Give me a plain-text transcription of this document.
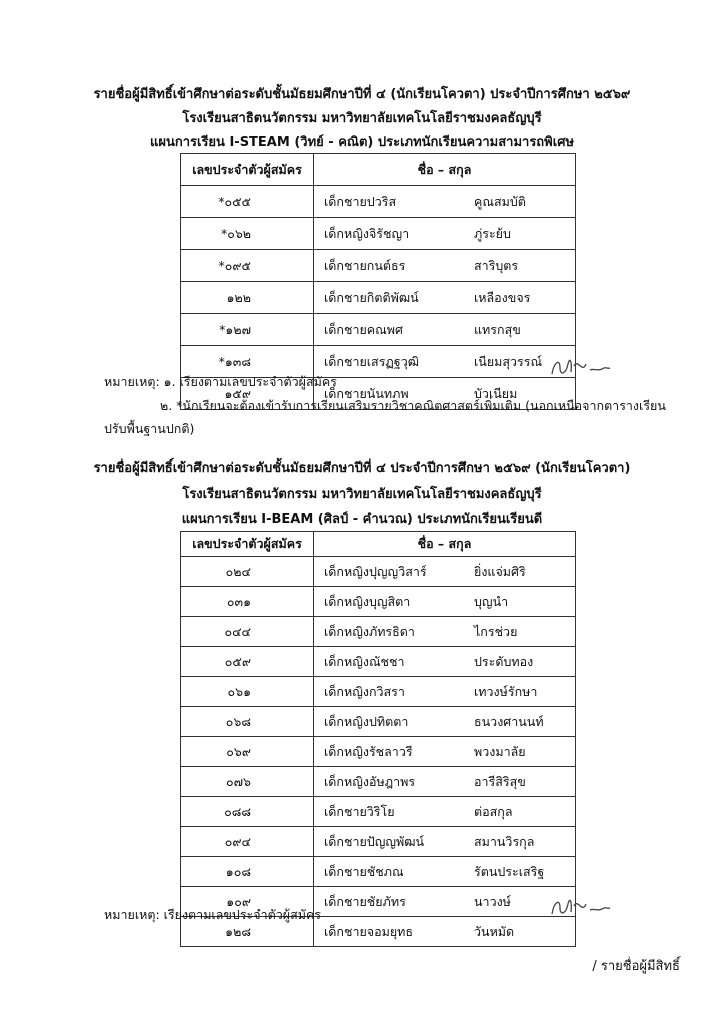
รายชื่อผู้มีสิทธิ์เข้าศึกษาต่อระดับชั้นมัธยมศึกษาปีที่ ๔ (นักเรียนโควตา) ประจำปีการศึกษา ๒๕๖๙
โรงเรียนสาธิตนวัตกรรม มหาวิทยาลัยเทคโนโลยีราชมงคลธัญบุรี
แผนการเรียน I-STEAM (วิทย์ - คณิต) ประเภทนักเรียนความสามารถพิเศษ
เลขประจำตัวผู้สมัคร	ชื่อ – สกุล
*๐๕๕	เด็กชายปวริส คูณสมบัติ
*๐๖๒	เด็กหญิงจิรัชญา ภู่ระย้บ
*๐๙๕	เด็กชายกนต์ธร สาริบุตร
๑๒๒	เด็กชายกิตติพัฒน์ เหลืองขจร
*๑๒๗	เด็กชายคณพศ แทรกสุข
*๑๓๘	เด็กชายเสรฏฐวุฒิ เนียมสุวรรณ์
๑๕๙	เด็กชายนันทภพ บัวเนียม
หมายเหตุ: ๑. เรียงตามเลขประจำตัวผู้สมัคร
๒. *นักเรียนจะต้องเข้ารับการเรียนเสริมรายวิชาคณิตศาสตร์เพิ่มเติม (นอกเหนือจากตารางเรียน
ปรับพื้นฐานปกติ)
รายชื่อผู้มีสิทธิ์เข้าศึกษาต่อระดับชั้นมัธยมศึกษาปีที่ ๔ ประจำปีการศึกษา ๒๕๖๙ (นักเรียนโควตา)
โรงเรียนสาธิตนวัตกรรม มหาวิทยาลัยเทคโนโลยีราชมงคลธัญบุรี
แผนการเรียน I-BEAM (ศิลป์ - คำนวณ) ประเภทนักเรียนเรียนดี
เลขประจำตัวผู้สมัคร	ชื่อ – สกุล
๐๒๔	เด็กหญิงปุญญวิสาร์ ยิ่งแจ่มศิริ
๐๓๑	เด็กหญิงบุญสิตา บุญนำ
๐๔๔	เด็กหญิงภัทรธิดา ไกรช่วย
๐๕๙	เด็กหญิงณัชชา ประดับทอง
๐๖๑	เด็กหญิงกวิสรา เทวงษ์รักษา
๐๖๘	เด็กหญิงปทิตตา ธนวงศานนท์
๐๖๙	เด็กหญิงรัชลาวรี พวงมาลัย
๐๗๖	เด็กหญิงอัษฎาพร อารีสิริสุข
๐๘๘	เด็กชายวิริโย ต่อสกุล
๐๙๔	เด็กชายปัญญพัฒน์ สมานวิรกุล
๑๐๘	เด็กชายชัชภณ รัตนประเสริฐ
๑๐๙	เด็กชายชัยภัทร นาวงษ์
๑๒๘	เด็กชายจอมยุทธ วันหมัด
หมายเหตุ: เรียงตามเลขประจำตัวผู้สมัคร
/ รายชื่อผู้มีสิทธิ์
